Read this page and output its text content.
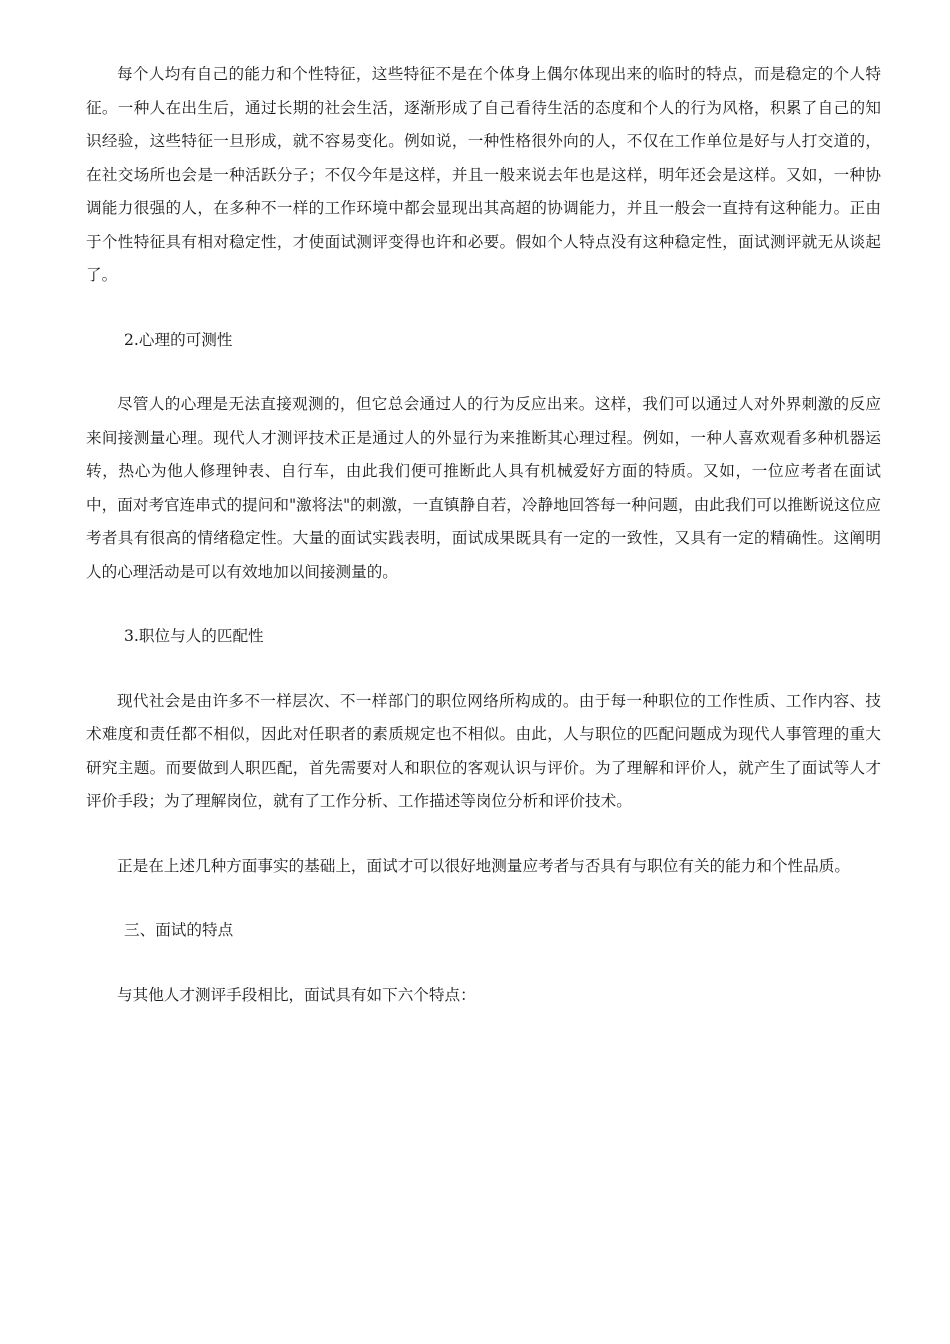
每个人均有自己的能力和个性特征，这些特征不是在个体身上偶尔体现出来的临时的特点，而是稳定的个人特征。一种人在出生后，通过长期的社会生活，逐渐形成了自己看待生活的态度和个人的行为风格，积累了自己的知识经验，这些特征一旦形成，就不容易变化。例如说，一种性格很外向的人，不仅在工作单位是好与人打交道的，在社交场所也会是一种活跃分子；不仅今年是这样，并且一般来说去年也是这样，明年还会是这样。又如，一种协调能力很强的人，在多种不一样的工作环境中都会显现出其高超的协调能力，并且一般会一直持有这种能力。正由于个性特征具有相对稳定性，才使面试测评变得也许和必要。假如个人特点没有这种稳定性，面试测评就无从谈起了。

2.心理的可测性

尽管人的心理是无法直接观测的，但它总会通过人的行为反应出来。这样，我们可以通过人对外界刺激的反应来间接测量心理。现代人才测评技术正是通过人的外显行为来推断其心理过程。例如，一种人喜欢观看多种机器运转，热心为他人修理钟表、自行车，由此我们便可推断此人具有机械爱好方面的特质。又如，一位应考者在面试中，面对考官连串式的提问和"激将法"的刺激，一直镇静自若，冷静地回答每一种问题，由此我们可以推断说这位应考者具有很高的情绪稳定性。大量的面试实践表明，面试成果既具有一定的一致性，又具有一定的精确性。这阐明人的心理活动是可以有效地加以间接测量的。

3.职位与人的匹配性

现代社会是由许多不一样层次、不一样部门的职位网络所构成的。由于每一种职位的工作性质、工作内容、技术难度和责任都不相似，因此对任职者的素质规定也不相似。由此，人与职位的匹配问题成为现代人事管理的重大研究主题。而要做到人职匹配，首先需要对人和职位的客观认识与评价。为了理解和评价人，就产生了面试等人才评价手段；为了理解岗位，就有了工作分析、工作描述等岗位分析和评价技术。

正是在上述几种方面事实的基础上，面试才可以很好地测量应考者与否具有与职位有关的能力和个性品质。

三、面试的特点

与其他人才测评手段相比，面试具有如下六个特点：
